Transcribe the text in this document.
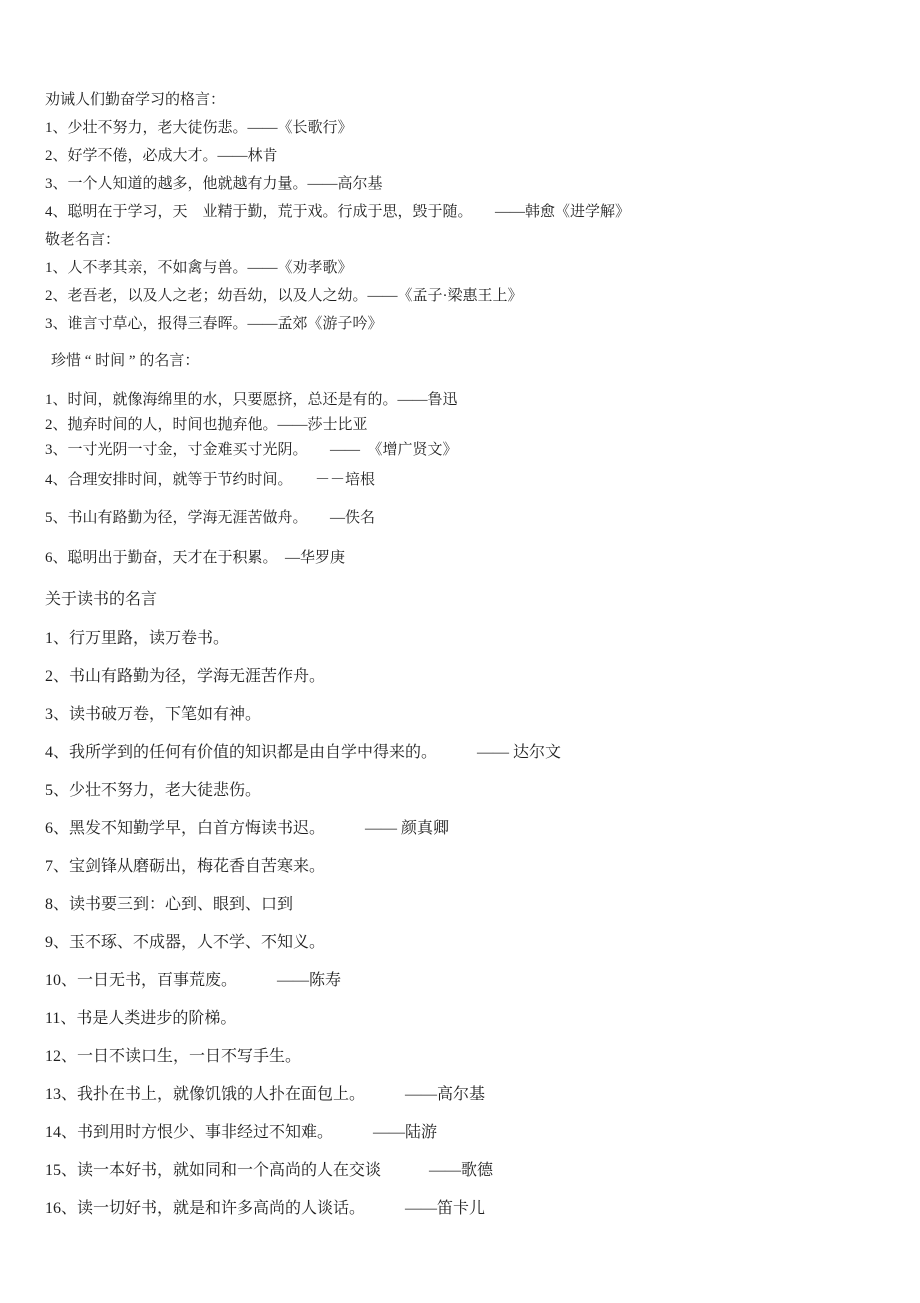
劝诫人们勤奋学习的格言：
1、少壮不努力，老大徒伤悲。——《长歌行》
2、好学不倦，必成大才。——林肯
3、一个人知道的越多，他就越有力量。——高尔基
4、聪明在于学习，天　业精于勤，荒于戏。行成于思，毁于随。　　——韩愈《进学解》
敬老名言：
1、人不孝其亲，不如禽与兽。——《劝孝歌》
2、老吾老，以及人之老；幼吾幼，以及人之幼。——《孟子·梁惠王上》
3、谁言寸草心，报得三春晖。——孟郊《游子吟》
珍惜 “ 时间 ” 的名言：
1、时间，就像海绵里的水，只要愿挤，总还是有的。——鲁迅
2、抛弃时间的人，时间也抛弃他。——莎士比亚
3、一寸光阴一寸金，寸金难买寸光阴。　　——　《增广贤文》
4、合理安排时间，就等于节约时间。　　－－培根
5、书山有路勤为径，学海无涯苦做舟。　　—佚名
6、聪明出于勤奋，天才在于积累。　—华罗庚
关于读书的名言
1、行万里路，读万卷书。
2、书山有路勤为径，学海无涯苦作舟。
3、读书破万卷，下笔如有神。
4、我所学到的任何有价值的知识都是由自学中得来的。　　　—— 达尔文
5、少壮不努力，老大徒悲伤。
6、黑发不知勤学早，白首方悔读书迟。　　　—— 颜真卿
7、宝剑锋从磨砺出，梅花香自苦寒来。
8、读书要三到：心到、眼到、口到
9、玉不琢、不成器，人不学、不知义。
10、一日无书，百事荒废。　　　——陈寿
11、书是人类进步的阶梯。
12、一日不读口生，一日不写手生。
13、我扑在书上，就像饥饿的人扑在面包上。　　　——高尔基
14、书到用时方恨少、事非经过不知难。　　　——陆游
15、读一本好书，就如同和一个高尚的人在交谈　　　——歌德
16、读一切好书，就是和许多高尚的人谈话。　　　——笛卡儿
